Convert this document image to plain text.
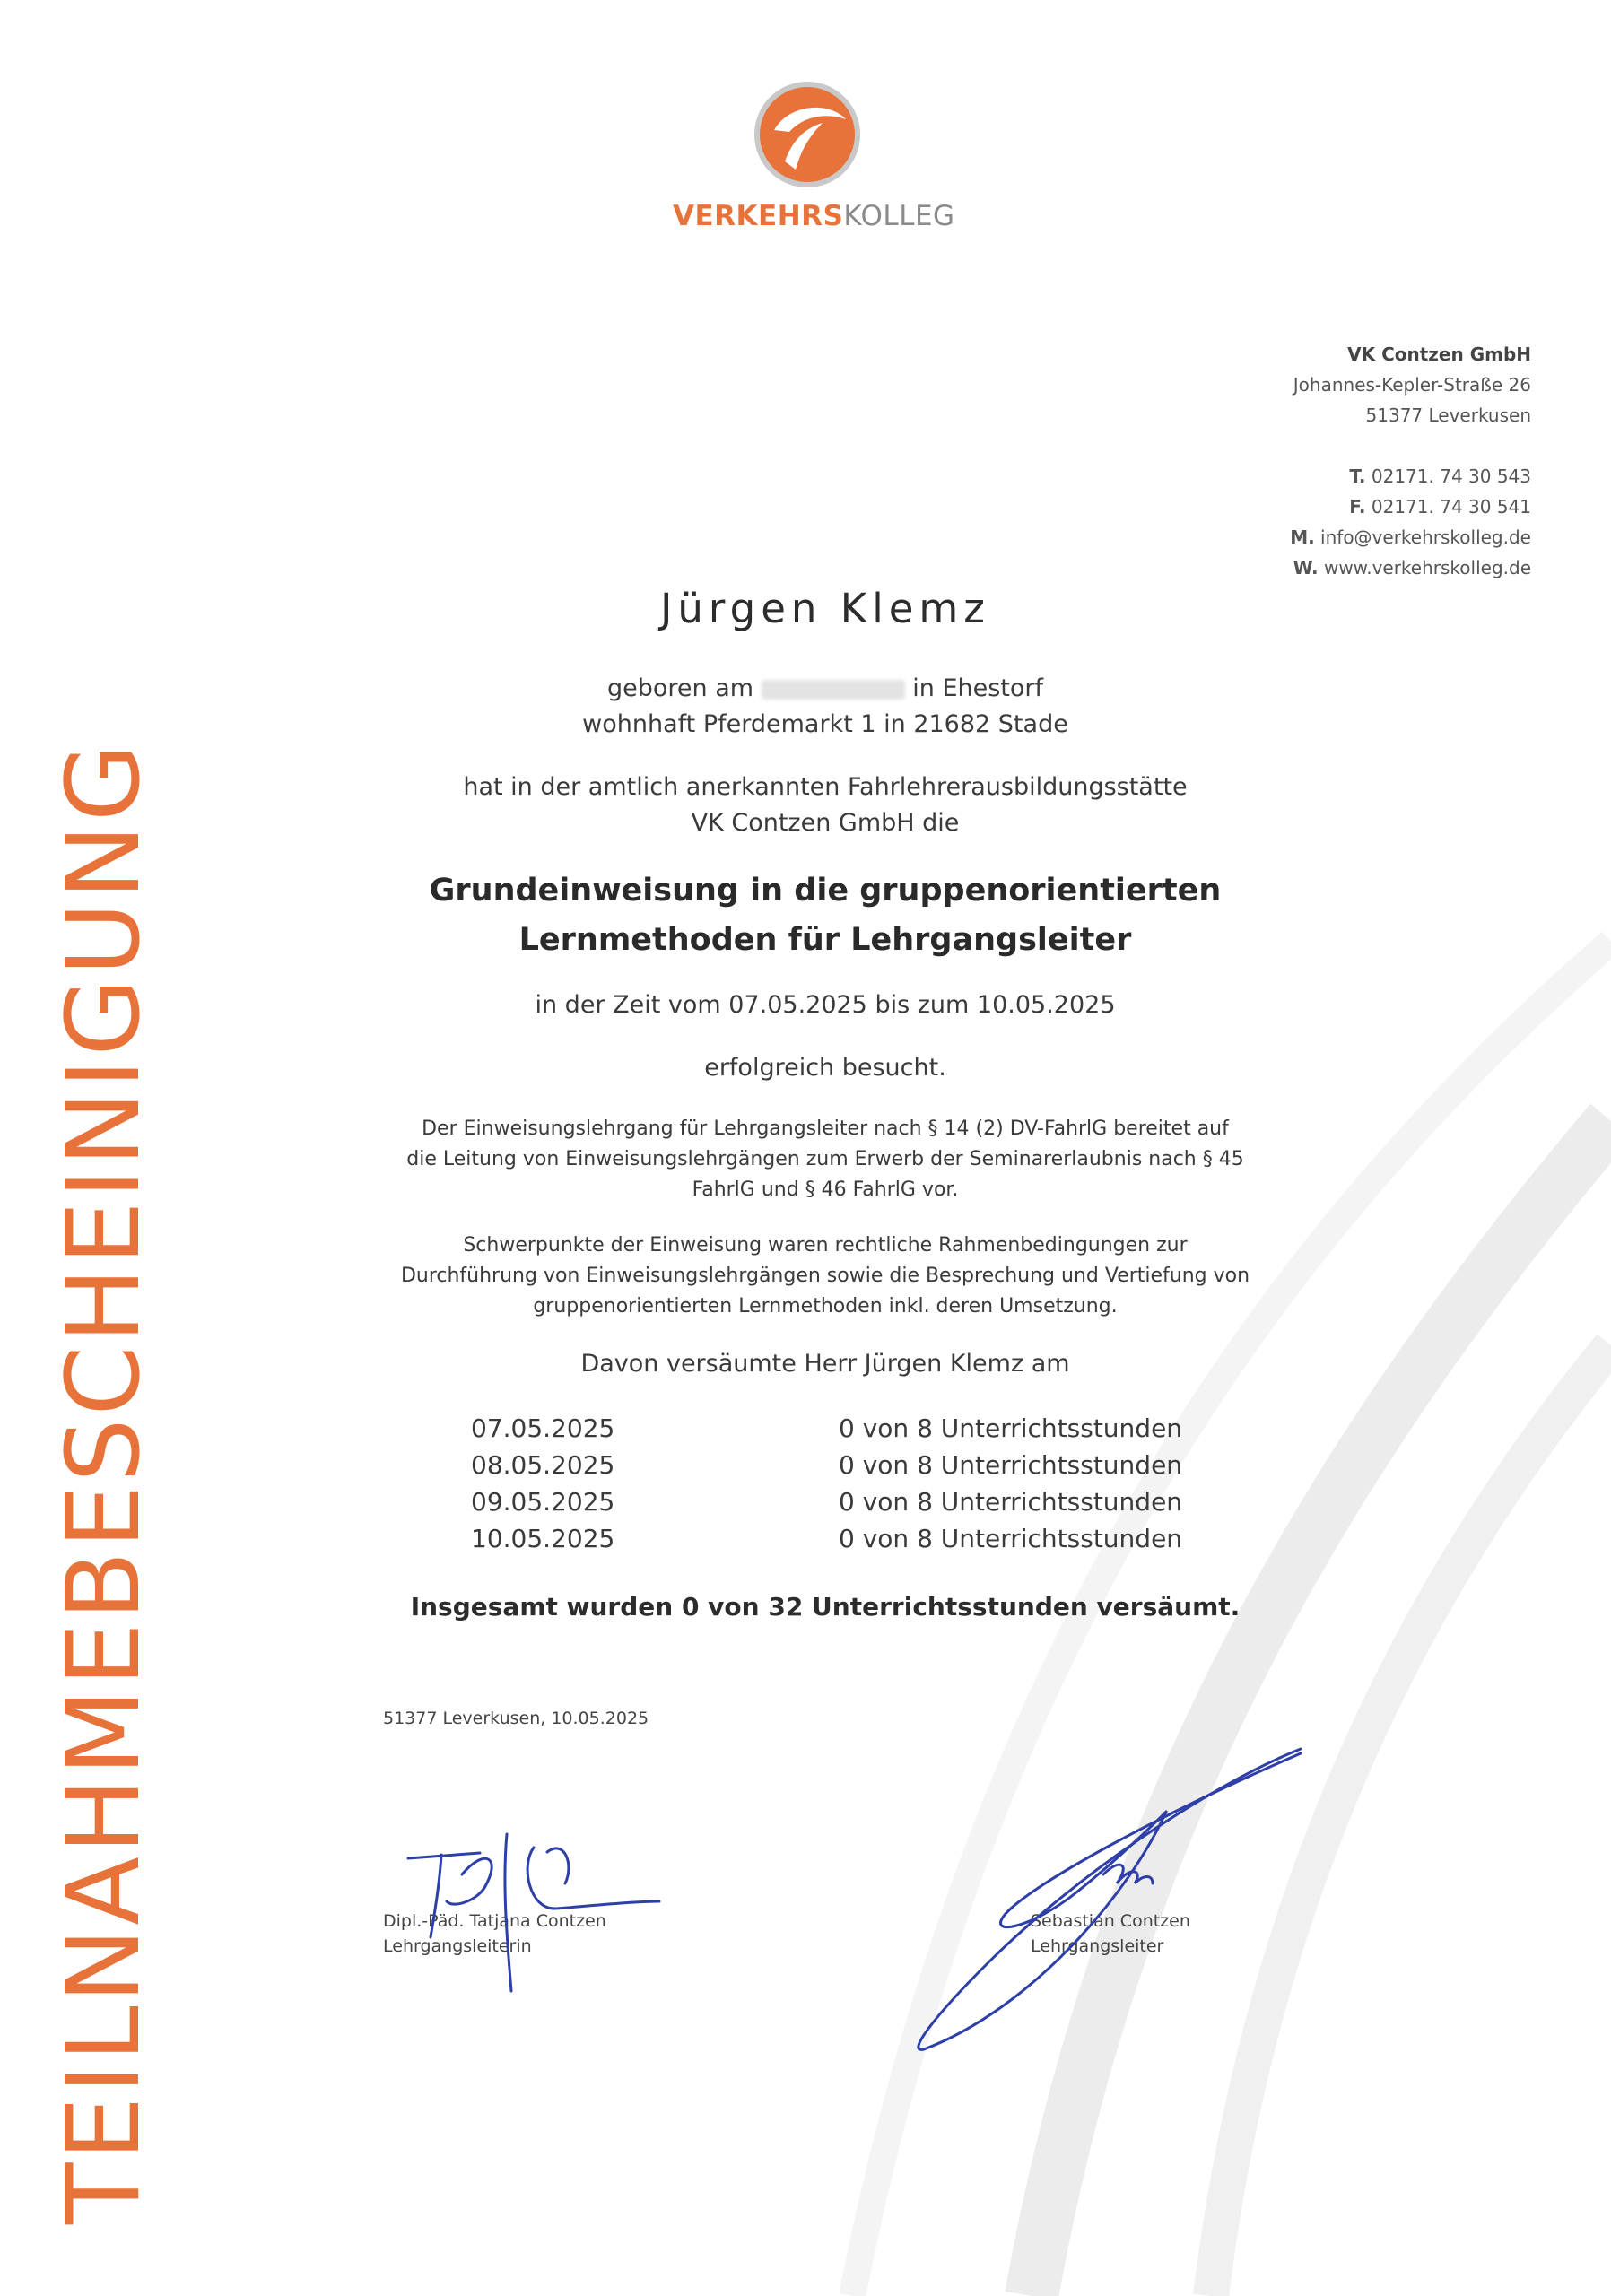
VERKEHRSKOLLEG
VK Contzen GmbH
Johannes-Kepler-Straße 26
51377 Leverkusen
T. 02171. 74 30 543
F. 02171. 74 30 541
M. info@verkehrskolleg.de
W. www.verkehrskolleg.de
TEILNAHMEBESCHEINIGUNG
Jürgen Klemz
geboren am	in Ehestorf
wohnhaft Pferdemarkt 1 in 21682 Stade
hat in der amtlich anerkannten Fahrlehrerausbildungsstätte
VK Contzen GmbH die
Grundeinweisung in die gruppenorientierten
Lernmethoden für Lehrgangsleiter
in der Zeit vom 07.05.2025 bis zum 10.05.2025
erfolgreich besucht.
Der Einweisungslehrgang für Lehrgangsleiter nach § 14 (2) DV-FahrlG bereitet auf
die Leitung von Einweisungslehrgängen zum Erwerb der Seminarerlaubnis nach § 45
FahrlG und § 46 FahrlG vor.
Schwerpunkte der Einweisung waren rechtliche Rahmenbedingungen zur
Durchführung von Einweisungslehrgängen sowie die Besprechung und Vertiefung von
gruppenorientierten Lernmethoden inkl. deren Umsetzung.
Davon versäumte Herr Jürgen Klemz am
07.05.2025	0 von 8 Unterrichtsstunden
08.05.2025	0 von 8 Unterrichtsstunden
09.05.2025	0 von 8 Unterrichtsstunden
10.05.2025	0 von 8 Unterrichtsstunden
Insgesamt wurden 0 von 32 Unterrichtsstunden versäumt.
51377 Leverkusen, 10.05.2025
Dipl.-Päd. Tatjana Contzen
Lehrgangsleiterin
Sebastian Contzen
Lehrgangsleiter
